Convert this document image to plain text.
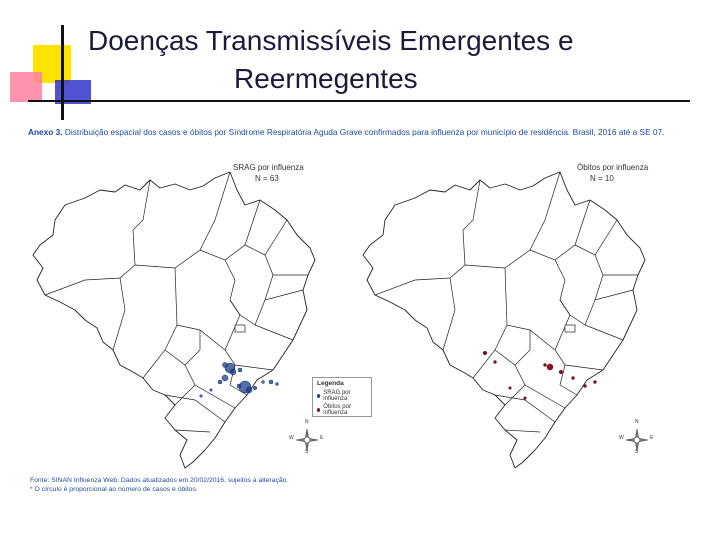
Doenças Transmissíveis Emergentes e
Reermegentes
Anexo 3. Distribuição espacial dos casos e óbitos por Síndrome Respiratória Aguda Grave confirmados para influenza por município de residência. Brasil, 2016 até a SE 07.
SRAG por influenza
N = 63
N
S
W	E
Legenda
SRAG por influenza
Óbitos por influenza
Óbitos por influenza
N = 10
N
S
W	E
Fonte: SINAN Influenza Web. Dados atualizados em 20/02/2016, sujeitos a alteração.
* O círculo é proporcional ao número de casos e óbitos.
